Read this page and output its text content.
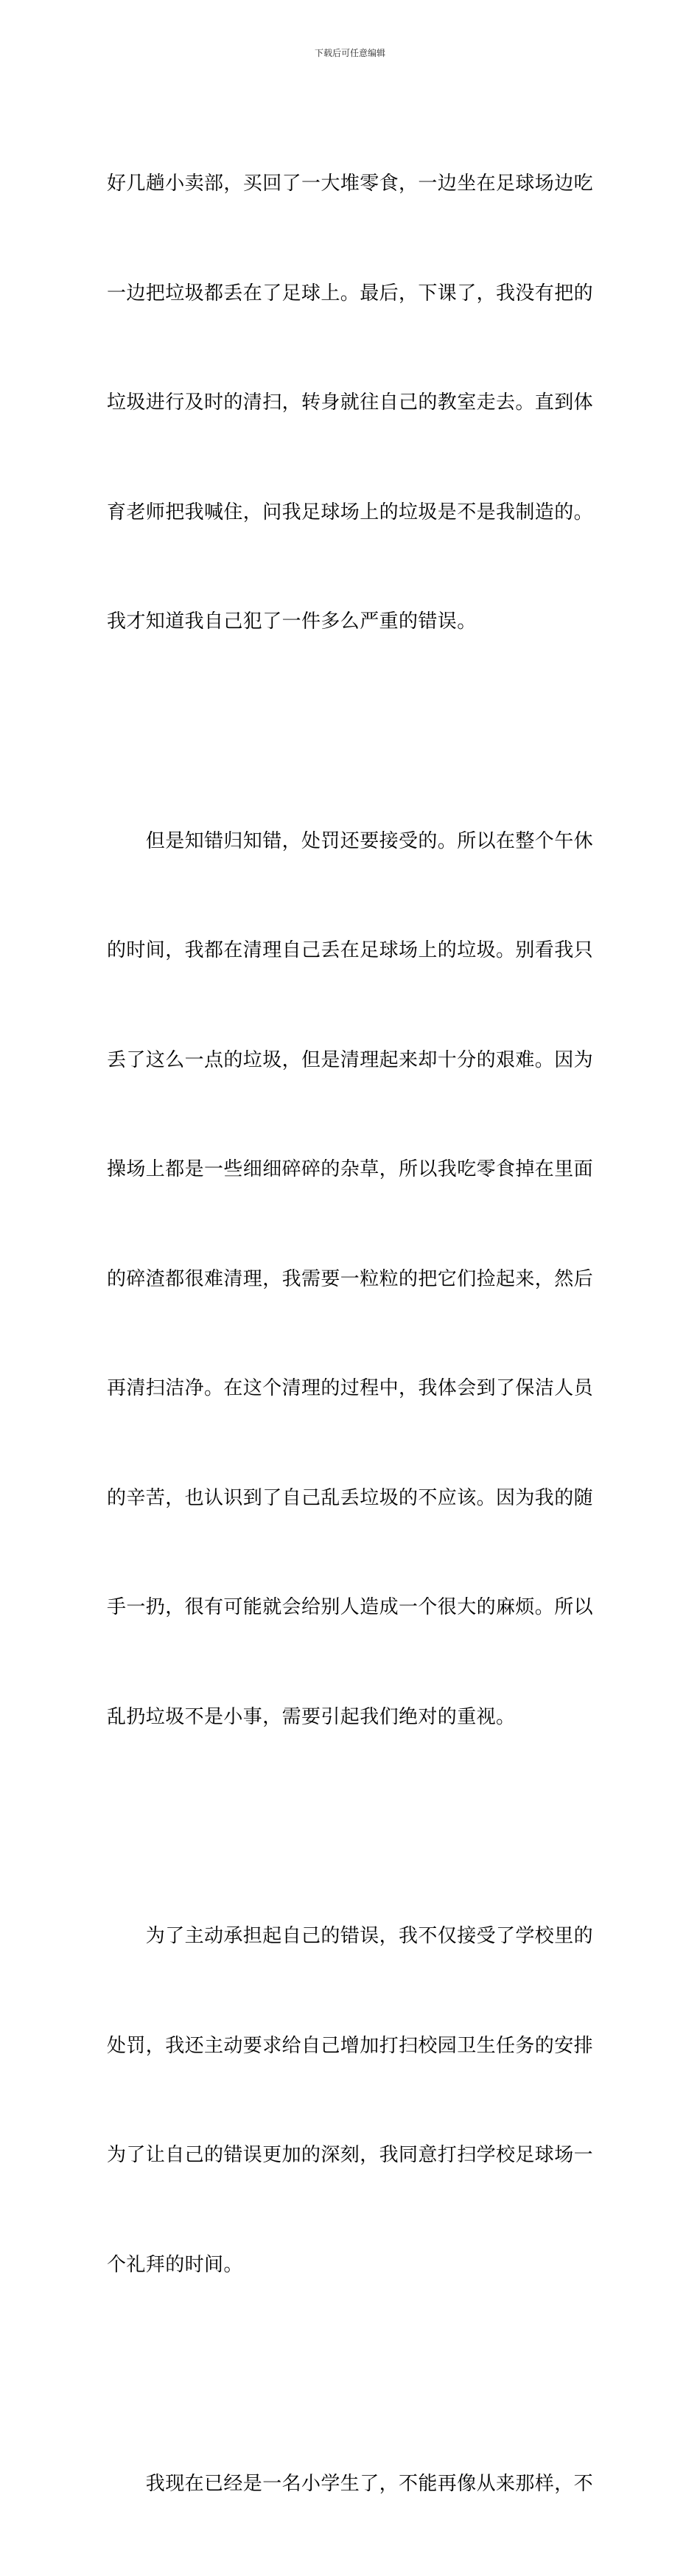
下载后可任意编辑

好几趟小卖部，买回了一大堆零食，一边坐在足球场边吃

一边把垃圾都丢在了足球上。最后，下课了，我没有把的

垃圾进行及时的清扫，转身就往自己的教室走去。直到体

育老师把我喊住，问我足球场上的垃圾是不是我制造的。

我才知道我自己犯了一件多么严重的错误。

　　但是知错归知错，处罚还要接受的。所以在整个午休

的时间，我都在清理自己丢在足球场上的垃圾。别看我只

丢了这么一点的垃圾，但是清理起来却十分的艰难。因为

操场上都是一些细细碎碎的杂草，所以我吃零食掉在里面

的碎渣都很难清理，我需要一粒粒的把它们捡起来，然后

再清扫洁净。在这个清理的过程中，我体会到了保洁人员

的辛苦，也认识到了自己乱丢垃圾的不应该。因为我的随

手一扔，很有可能就会给别人造成一个很大的麻烦。所以

乱扔垃圾不是小事，需要引起我们绝对的重视。

　　为了主动承担起自己的错误，我不仅接受了学校里的

处罚，我还主动要求给自己增加打扫校园卫生任务的安排

为了让自己的错误更加的深刻，我同意打扫学校足球场一

个礼拜的时间。

　　我现在已经是一名小学生了，不能再像从来那样，不
